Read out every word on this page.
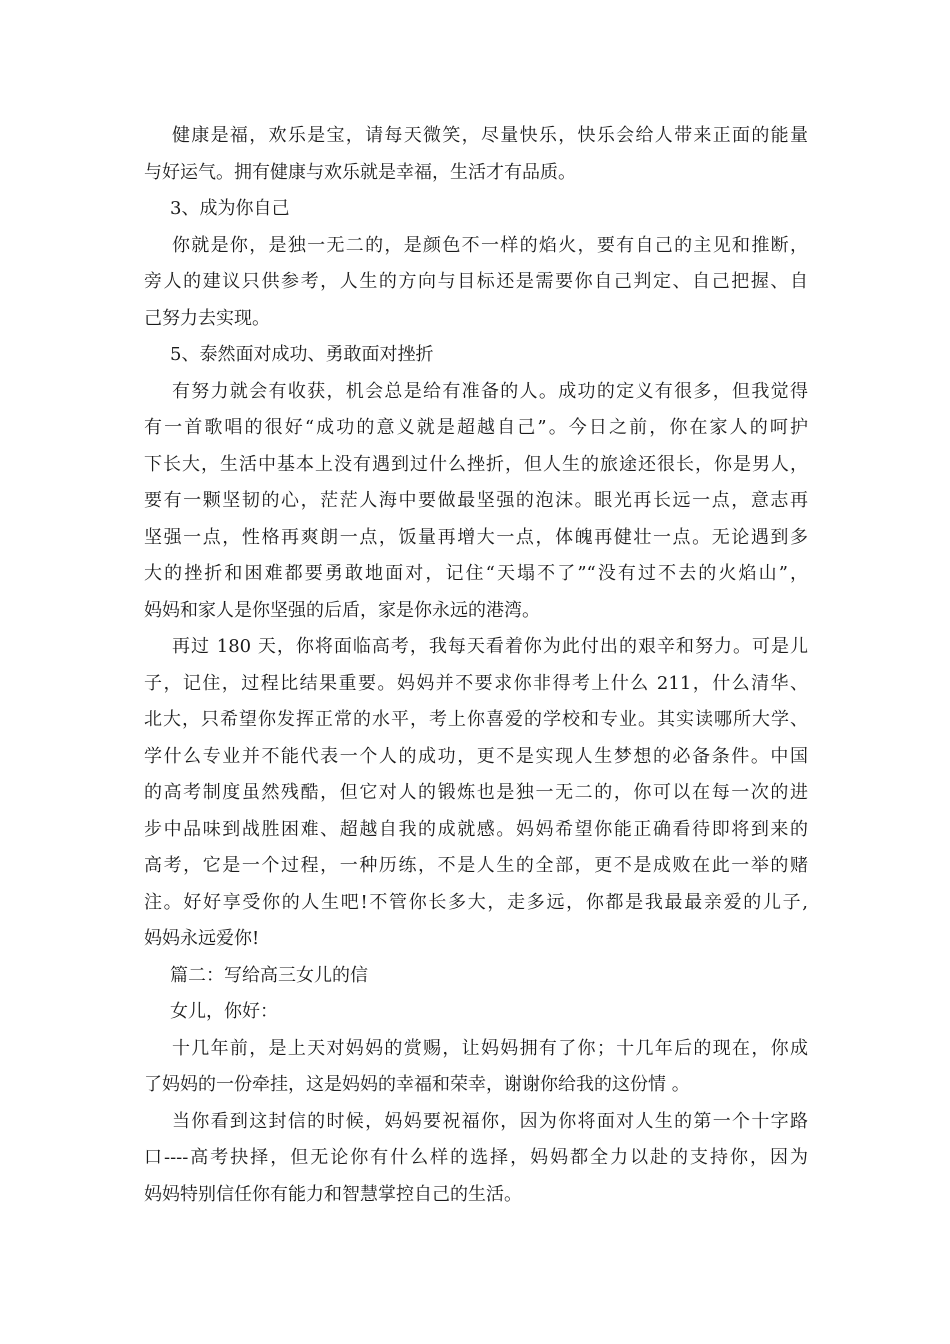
健康是福，欢乐是宝，请每天微笑，尽量快乐，快乐会给人带来正面的能量
与好运气。拥有健康与欢乐就是幸福，生活才有品质。
3、成为你自己
你就是你，是独一无二的，是颜色不一样的焰火，要有自己的主见和推断，
旁人的建议只供参考，人生的方向与目标还是需要你自己判定、自己把握、自
己努力去实现。
5、泰然面对成功、勇敢面对挫折
有努力就会有收获，机会总是给有准备的人。成功的定义有很多，但我觉得
有一首歌唱的很好“成功的意义就是超越自己”。今日之前，你在家人的呵护
下长大，生活中基本上没有遇到过什么挫折，但人生的旅途还很长，你是男人，
要有一颗坚韧的心，茫茫人海中要做最坚强的泡沫。眼光再长远一点，意志再
坚强一点，性格再爽朗一点，饭量再增大一点，体魄再健壮一点。无论遇到多
大的挫折和困难都要勇敢地面对，记住“天塌不了”“没有过不去的火焰山”，
妈妈和家人是你坚强的后盾，家是你永远的港湾。
再过 180 天，你将面临高考，我每天看着你为此付出的艰辛和努力。可是儿
子，记住，过程比结果重要。妈妈并不要求你非得考上什么 211，什么清华、
北大，只希望你发挥正常的水平，考上你喜爱的学校和专业。其实读哪所大学、
学什么专业并不能代表一个人的成功，更不是实现人生梦想的必备条件。中国
的高考制度虽然残酷，但它对人的锻炼也是独一无二的，你可以在每一次的进
步中品味到战胜困难、超越自我的成就感。妈妈希望你能正确看待即将到来的
高考，它是一个过程，一种历练，不是人生的全部，更不是成败在此一举的赌
注。好好享受你的人生吧!不管你长多大，走多远，你都是我最最亲爱的儿子,
妈妈永远爱你!
篇二：写给高三女儿的信
女儿，你好：
十几年前，是上天对妈妈的赏赐，让妈妈拥有了你；十几年后的现在，你成
了妈妈的一份牵挂，这是妈妈的幸福和荣幸，谢谢你给我的这份情 。
当你看到这封信的时候，妈妈要祝福你，因为你将面对人生的第一个十字路
口----高考抉择，但无论你有什么样的选择，妈妈都全力以赴的支持你，因为
妈妈特别信任你有能力和智慧掌控自己的生活。
